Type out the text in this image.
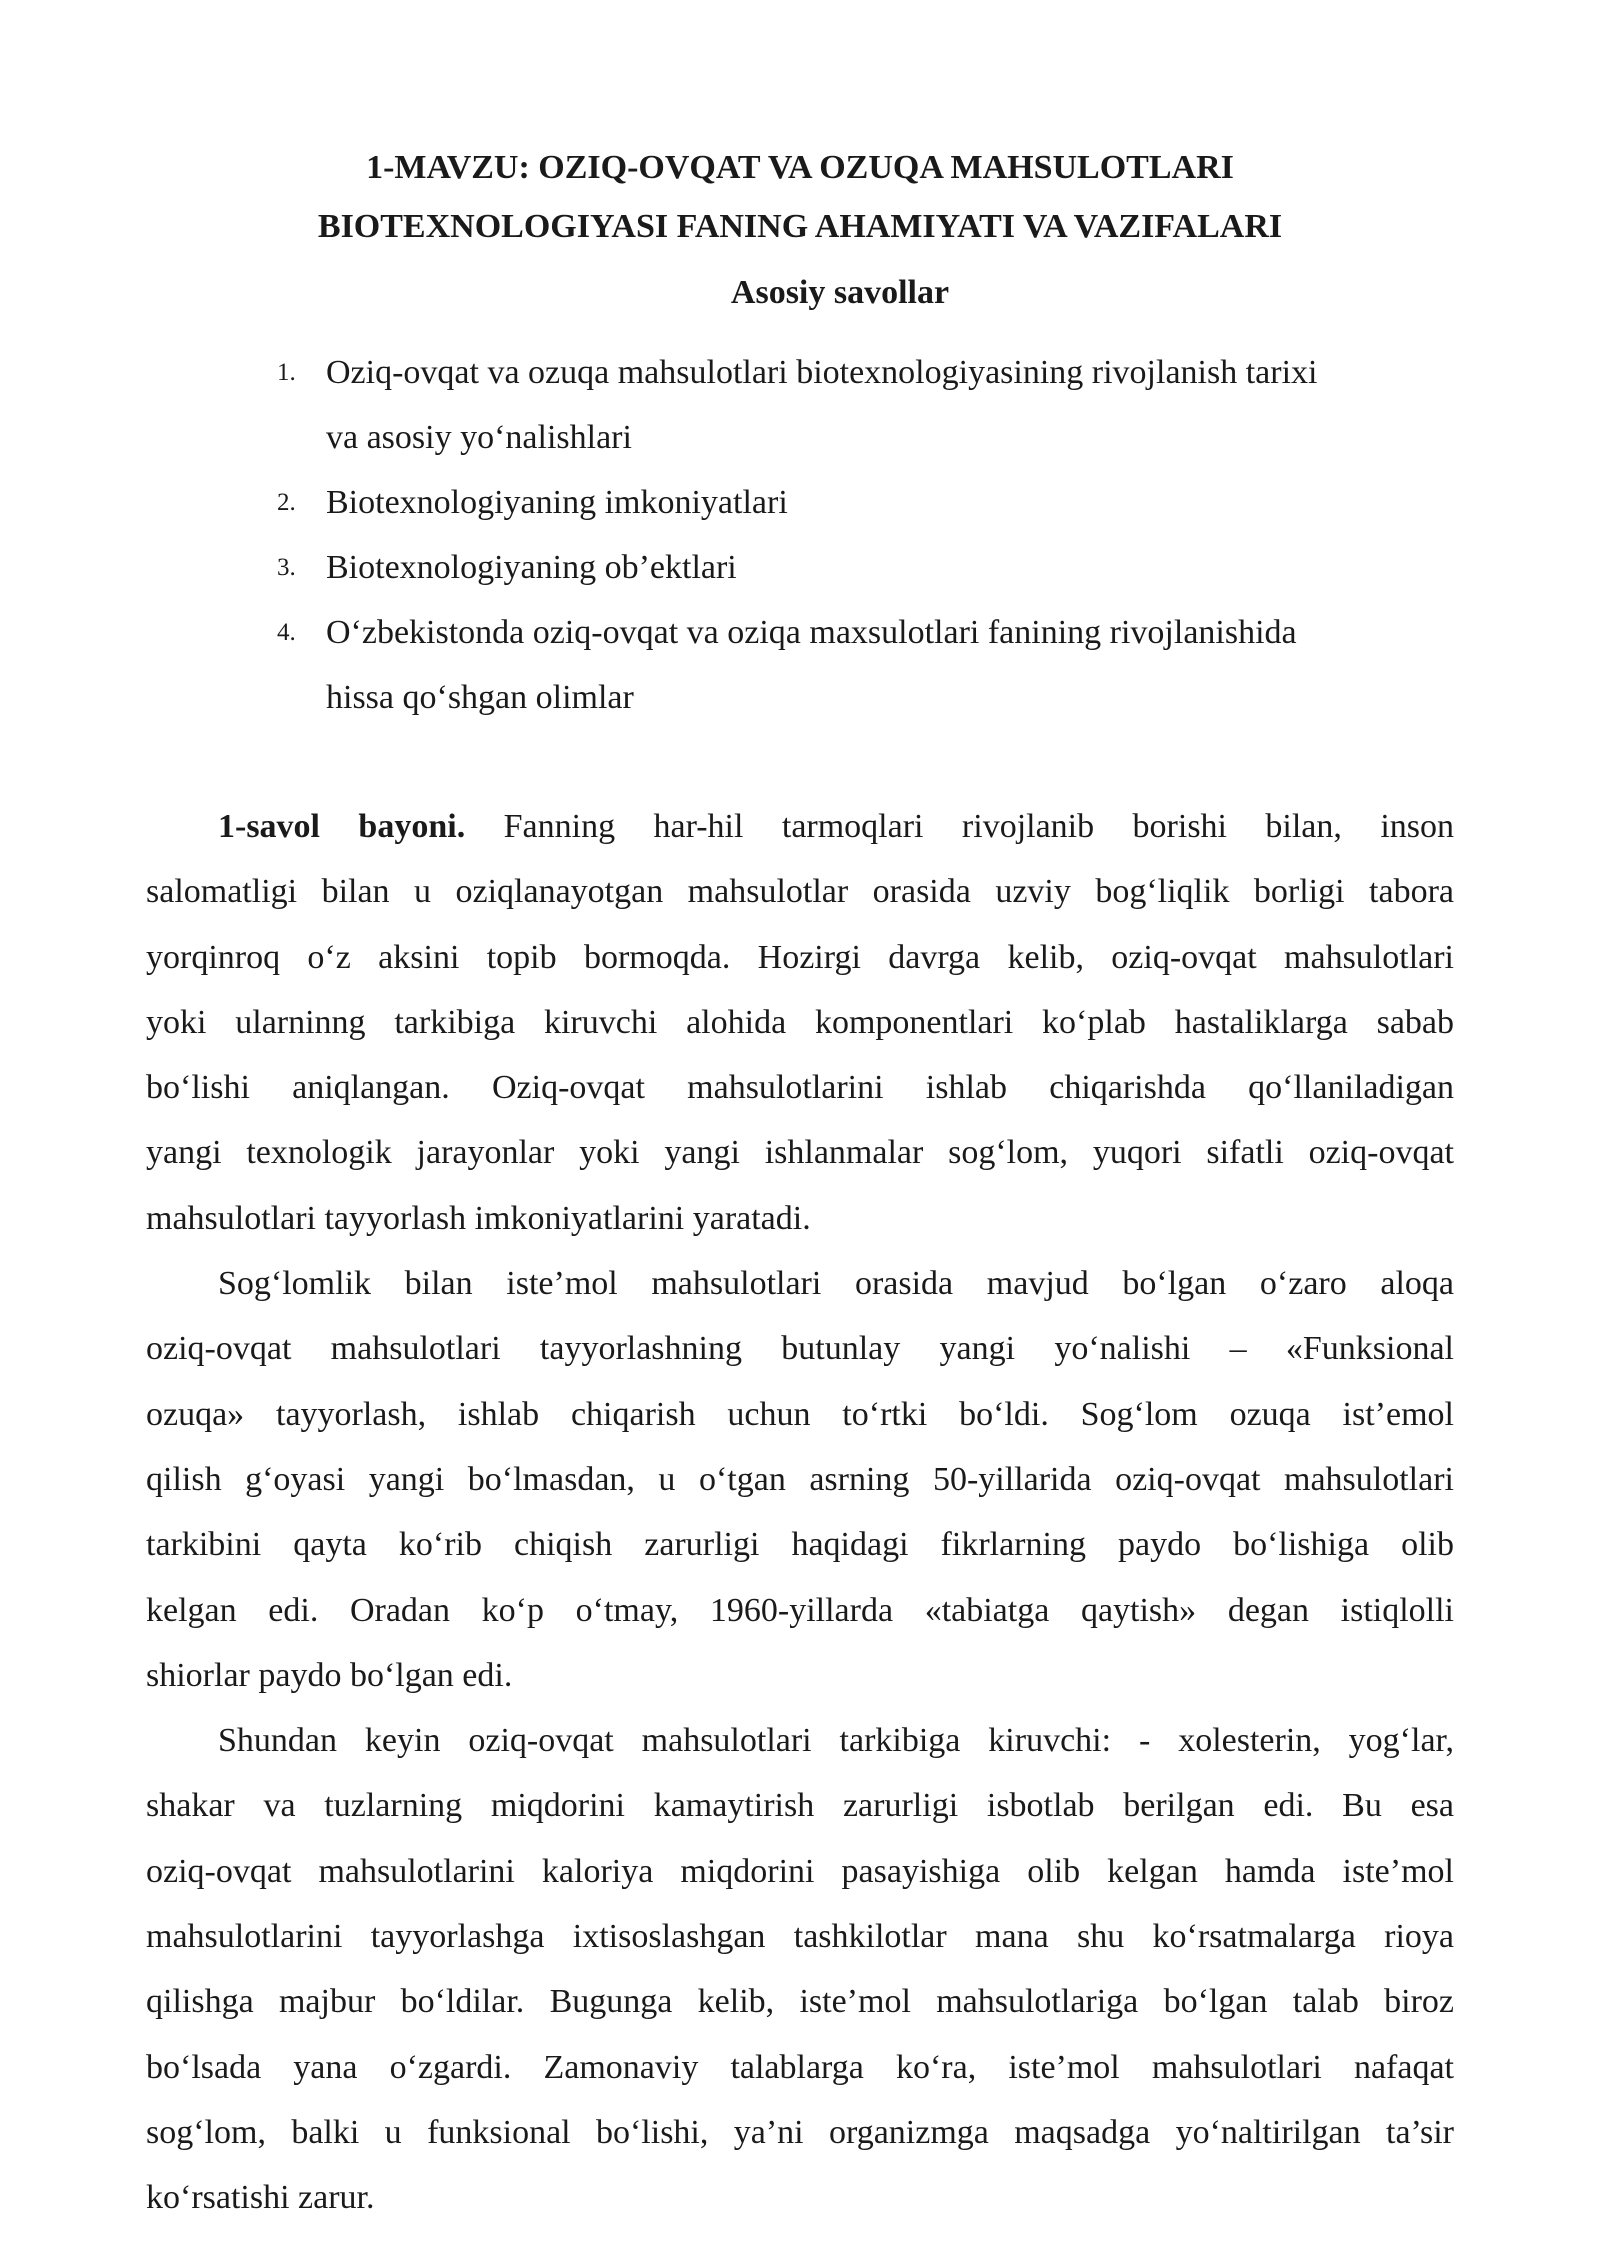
1-MAVZU: OZIQ-OVQAT VA OZUQA MAHSULOTLARI
BIOTEXNOLOGIYASI FANING AHAMIYATI VA VAZIFALARI
Asosiy savollar
1. Oziq-ovqat va ozuqa mahsulotlari biotexnologiyasining rivojlanish tarixi
va asosiy yo‘nalishlari
2. Biotexnologiyaning imkoniyatlari
3. Biotexnologiyaning ob’ektlari
4. O‘zbekistonda oziq-ovqat va oziqa maxsulotlari fanining rivojlanishida
hissa qo‘shgan olimlar
1-savol bayoni. Fanning har-hil tarmoqlari rivojlanib borishi bilan, inson
salomatligi bilan u oziqlanayotgan mahsulotlar orasida uzviy bog‘liqlik borligi tabora
yorqinroq o‘z aksini topib bormoqda. Hozirgi davrga kelib, oziq-ovqat mahsulotlari
yoki ularninng tarkibiga kiruvchi alohida komponentlari ko‘plab hastaliklarga sabab
bo‘lishi aniqlangan. Oziq-ovqat mahsulotlarini ishlab chiqarishda qo‘llaniladigan
yangi texnologik jarayonlar yoki yangi ishlanmalar sog‘lom, yuqori sifatli oziq-ovqat
mahsulotlari tayyorlash imkoniyatlarini yaratadi.
Sog‘lomlik bilan iste’mol mahsulotlari orasida mavjud bo‘lgan o‘zaro aloqa
oziq-ovqat mahsulotlari tayyorlashning butunlay yangi yo‘nalishi – «Funksional
ozuqa» tayyorlash, ishlab chiqarish uchun to‘rtki bo‘ldi. Sog‘lom ozuqa ist’emol
qilish g‘oyasi yangi bo‘lmasdan, u o‘tgan asrning 50-yillarida oziq-ovqat mahsulotlari
tarkibini qayta ko‘rib chiqish zarurligi haqidagi fikrlarning paydo bo‘lishiga olib
kelgan edi. Oradan ko‘p o‘tmay, 1960-yillarda «tabiatga qaytish» degan istiqlolli
shiorlar paydo bo‘lgan edi.
Shundan keyin oziq-ovqat mahsulotlari tarkibiga kiruvchi: - xolesterin, yog‘lar,
shakar va tuzlarning miqdorini kamaytirish zarurligi isbotlab berilgan edi. Bu esa
oziq-ovqat mahsulotlarini kaloriya miqdorini pasayishiga olib kelgan hamda iste’mol
mahsulotlarini tayyorlashga ixtisoslashgan tashkilotlar mana shu ko‘rsatmalarga rioya
qilishga majbur bo‘ldilar. Bugunga kelib, iste’mol mahsulotlariga bo‘lgan talab biroz
bo‘lsada yana o‘zgardi. Zamonaviy talablarga ko‘ra, iste’mol mahsulotlari nafaqat
sog‘lom, balki u funksional bo‘lishi, ya’ni organizmga maqsadga yo‘naltirilgan ta’sir
ko‘rsatishi zarur.
